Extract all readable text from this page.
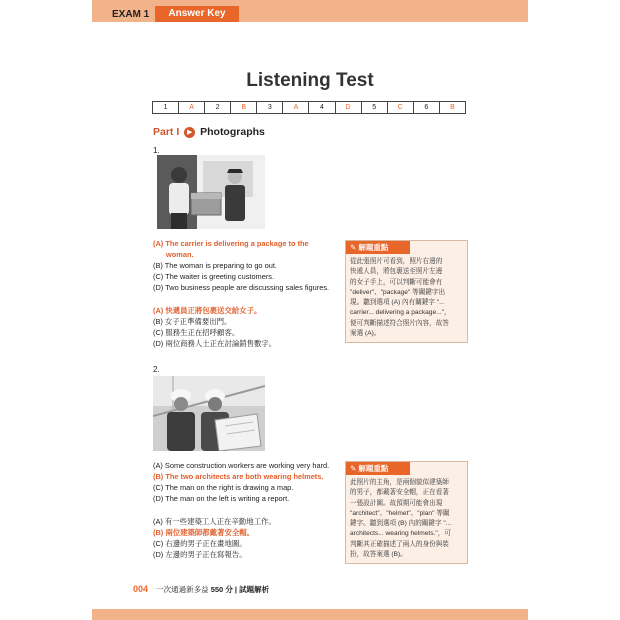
EXAM 1	Answer Key
Listening Test
1	A	2	B	3	A	4	D	5	C	6	B
Part I ▶ Photographs
1.
(A) The carrier is delivering a package to the
woman.
(B) The woman is preparing to go out.
(C) The waiter is greeting customers.
(D) Two business people are discussing sales figures.
(A) 快遞員正將包裹送交給女子。
(B) 女子正準備要出門。
(C) 服務生正在招呼顧客。
(D) 兩位商務人士正在討論銷售數字。
✎ 解題重點
從此張照片可看到，照片右邊的
快遞人員，將包裹送至照片左邊
的女子手上，可以判斷可能會有
"deliver"、"package" 等關鍵字出
現。聽到選項 (A) 內有關鍵字 "...
carrier... delivering a package..."，
便可判斷描述符合照片內容，故答
案選 (A)。
2.
(A) Some construction workers are working very hard.
(B) The two architects are both wearing helmets.
(C) The man on the right is drawing a map.
(D) The man on the left is writing a report.
(A) 有一些建築工人正在辛勤地工作。
(B) 兩位建築師都戴著安全帽。
(C) 右邊的男子正在畫地圖。
(D) 左邊的男子正在寫報告。
✎ 解題重點
此照片的主角，是兩個貌似建築師
的男子，都戴著安全帽，正在看著
一張設計圖。故預期可能會出現
"architect"、"helmet"、"plan" 等關
鍵字。聽到選項 (B) 內的關鍵字 "...
architects... wearing helmets."，可
判斷其正確描述了兩人的身份與裝
扮，故答案選 (B)。
004 一次通過新多益 550 分 | 試題解析
